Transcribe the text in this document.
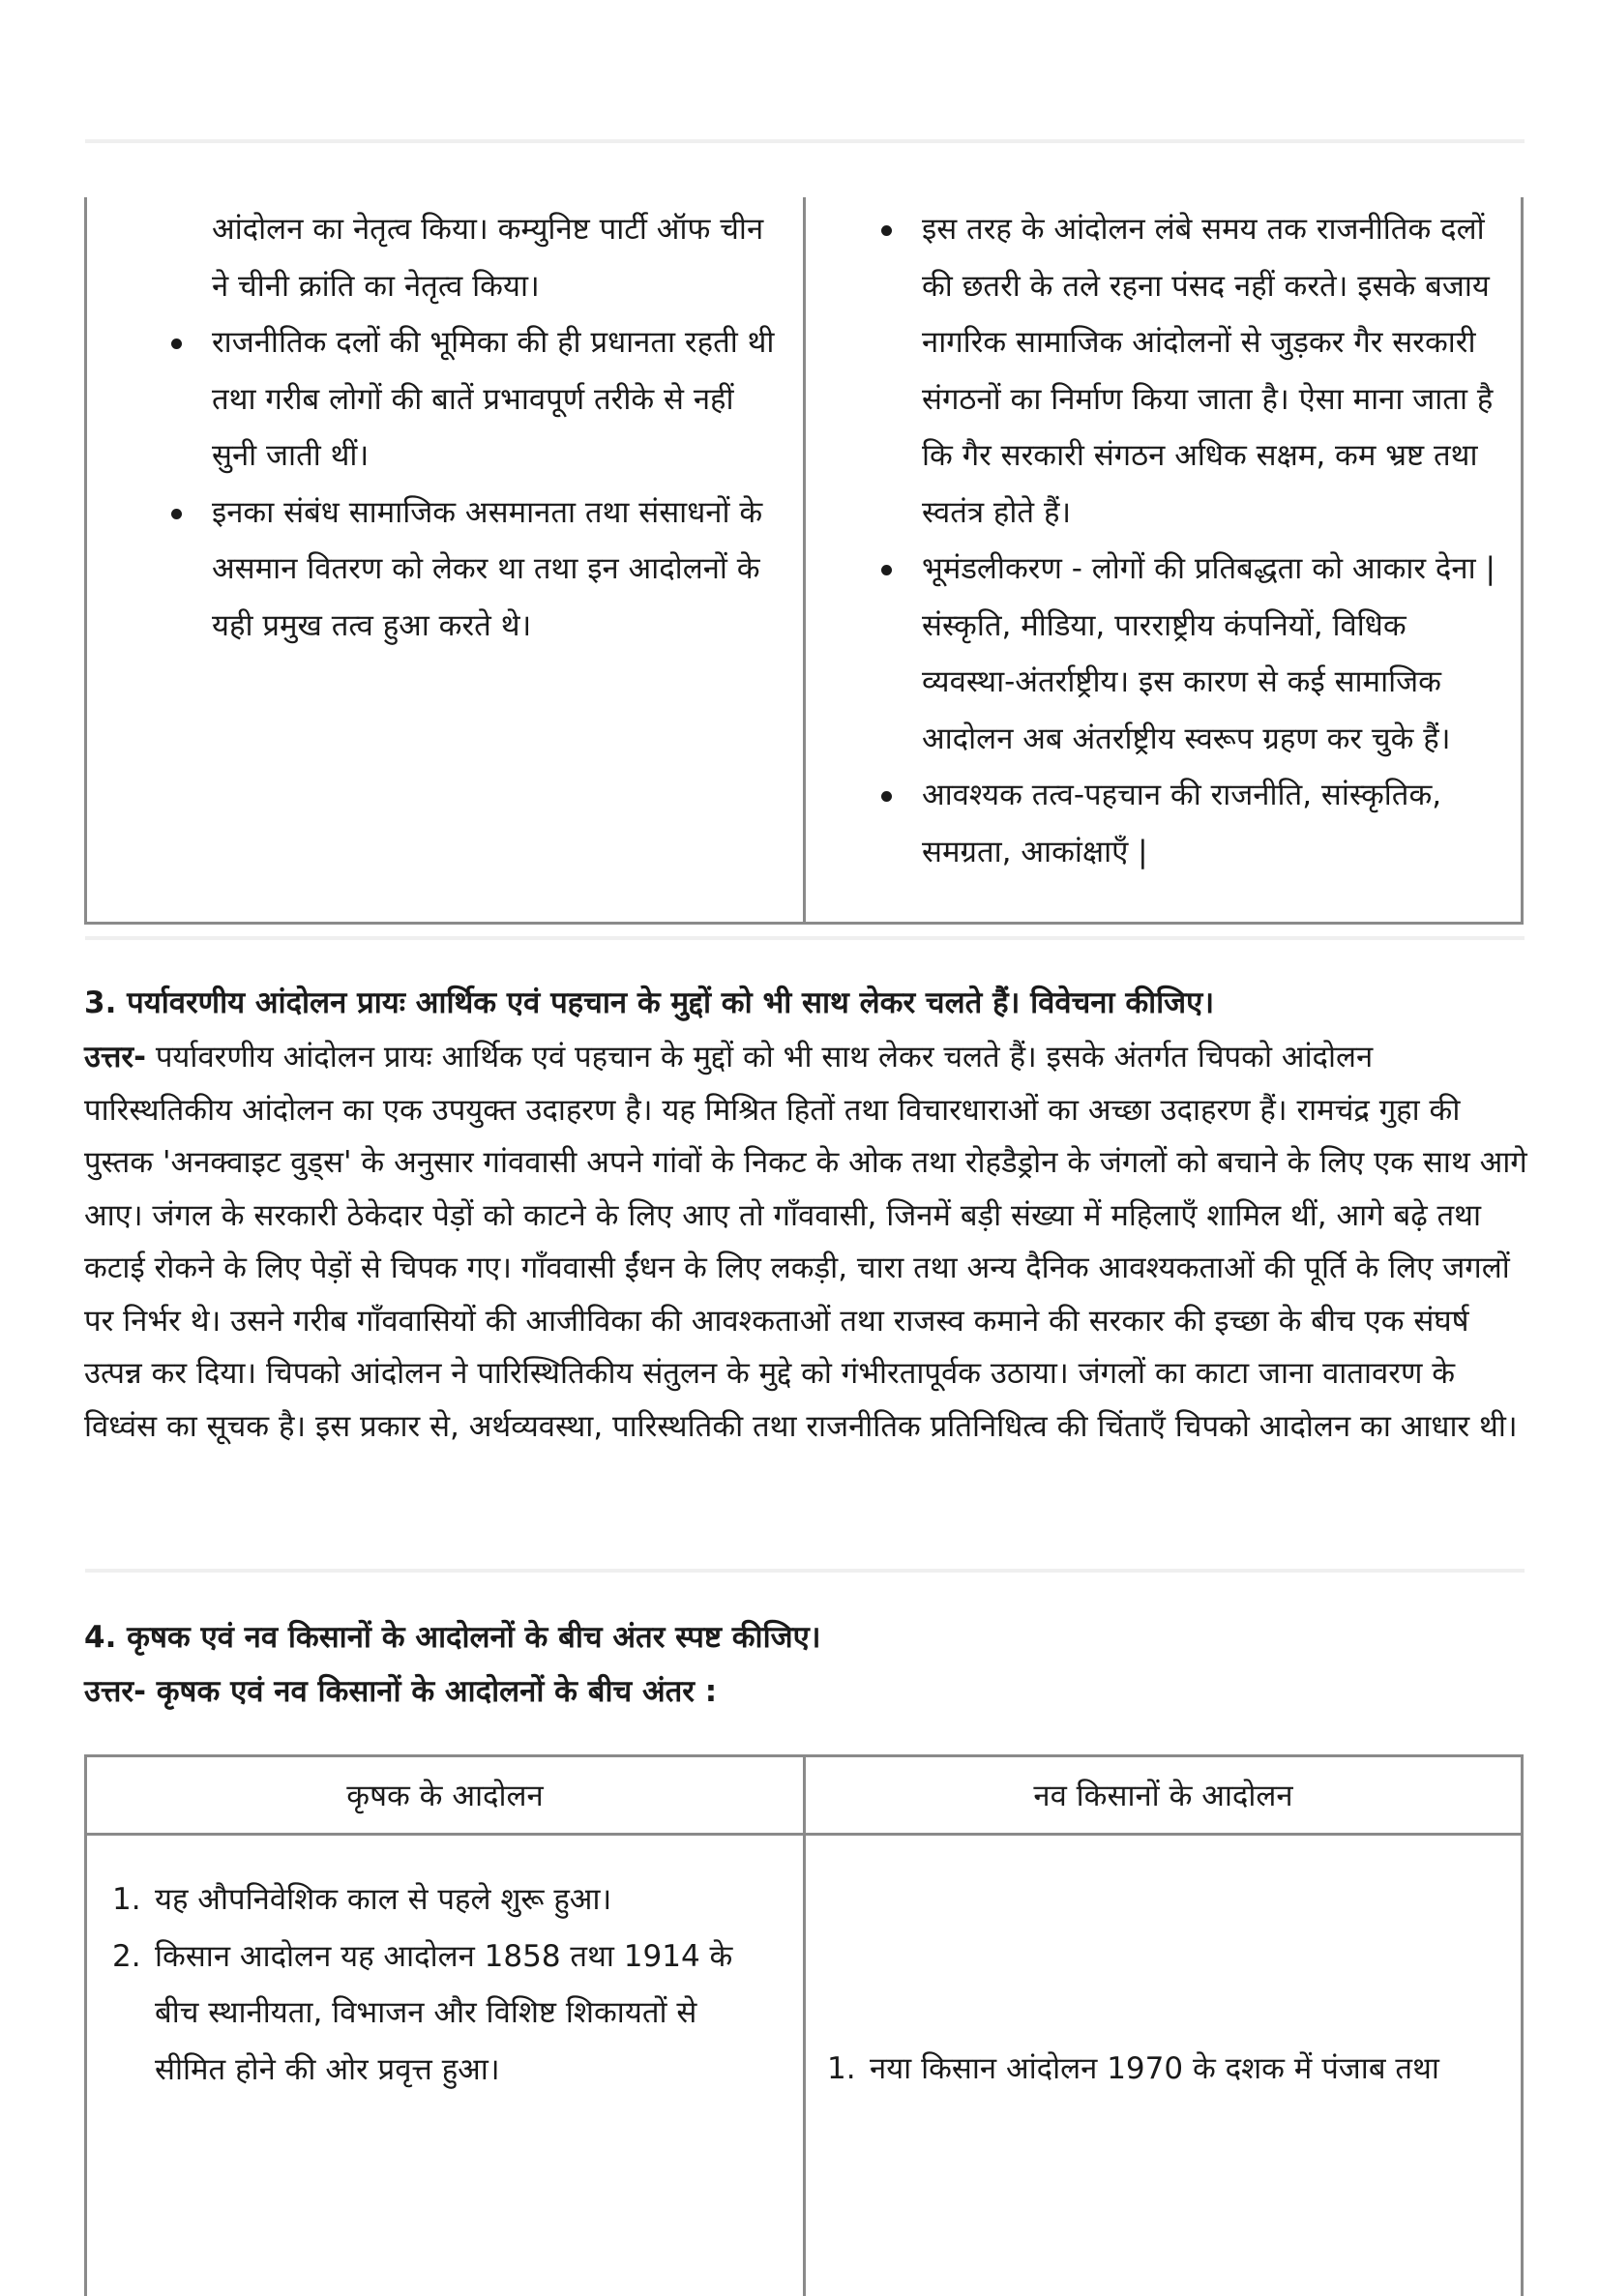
आंदोलन का नेतृत्व किया। कम्युनिष्ट पार्टी ऑफ चीन ने चीनी क्रांति का नेतृत्व किया।
राजनीतिक दलों की भूमिका की ही प्रधानता रहती थी तथा गरीब लोगों की बातें प्रभावपूर्ण तरीके से नहीं सुनी जाती थीं।
इनका संबंध सामाजिक असमानता तथा संसाधनों के असमान वितरण को लेकर था तथा इन आदोलनों के यही प्रमुख तत्व हुआ करते थे।
इस तरह के आंदोलन लंबे समय तक राजनीतिक दलों की छतरी के तले रहना पंसद नहीं करते। इसके बजाय नागरिक सामाजिक आंदोलनों से जुड़कर गैर सरकारी संगठनों का निर्माण किया जाता है। ऐसा माना जाता है कि गैर सरकारी संगठन अधिक सक्षम, कम भ्रष्ट तथा स्वतंत्र होते हैं।
भूमंडलीकरण - लोगों की प्रतिबद्धता को आकार देना | संस्कृति, मीडिया, पारराष्ट्रीय कंपनियों, विधिक व्यवस्था-अंतर्राष्ट्रीय। इस कारण से कई सामाजिक आदोलन अब अंतर्राष्ट्रीय स्वरूप ग्रहण कर चुके हैं।
आवश्यक तत्व-पहचान की राजनीति, सांस्कृतिक, समग्रता, आकांक्षाएँ |
3. पर्यावरणीय आंदोलन प्रायः आर्थिक एवं पहचान के मुद्दों को भी साथ लेकर चलते हैं। विवेचना कीजिए।
उत्तर- पर्यावरणीय आंदोलन प्रायः आर्थिक एवं पहचान के मुद्दों को भी साथ लेकर चलते हैं। इसके अंतर्गत चिपको आंदोलन पारिस्थतिकीय आंदोलन का एक उपयुक्त उदाहरण है। यह मिश्रित हितों तथा विचारधाराओं का अच्छा उदाहरण हैं। रामचंद्र गुहा की पुस्तक 'अनक्वाइट वुड्स' के अनुसार गांववासी अपने गांवों के निकट के ओक तथा रोहडैड्रोन के जंगलों को बचाने के लिए एक साथ आगे आए। जंगल के सरकारी ठेकेदार पेड़ों को काटने के लिए आए तो गाँववासी, जिनमें बड़ी संख्या में महिलाएँ शामिल थीं, आगे बढ़े तथा कटाई रोकने के लिए पेड़ों से चिपक गए। गाँववासी ईंधन के लिए लकड़ी, चारा तथा अन्य दैनिक आवश्यकताओं की पूर्ति के लिए जगलों पर निर्भर थे। उसने गरीब गाँववासियों की आजीविका की आवश्कताओं तथा राजस्व कमाने की सरकार की इच्छा के बीच एक संघर्ष उत्पन्न कर दिया। चिपको आंदोलन ने पारिस्थितिकीय संतुलन के मुद्दे को गंभीरतापूर्वक उठाया। जंगलों का काटा जाना वातावरण के विध्वंस का सूचक है। इस प्रकार से, अर्थव्यवस्था, पारिस्थतिकी तथा राजनीतिक प्रतिनिधित्व की चिंताएँ चिपको आदोलन का आधार थी।
4. कृषक एवं नव किसानों के आदोलनों के बीच अंतर स्पष्ट कीजिए।
उत्तर- कृषक एवं नव किसानों के आदोलनों के बीच अंतर :
कृषक के आदोलन
1. यह औपनिवेशिक काल से पहले शुरू हुआ।
2. किसान आदोलन यह आदोलन 1858 तथा 1914 के बीच स्थानीयता, विभाजन और विशिष्ट शिकायतों से सीमित होने की ओर प्रवृत्त हुआ।
नव किसानों के आदोलन
1. नया किसान आंदोलन 1970 के दशक में पंजाब तथा
